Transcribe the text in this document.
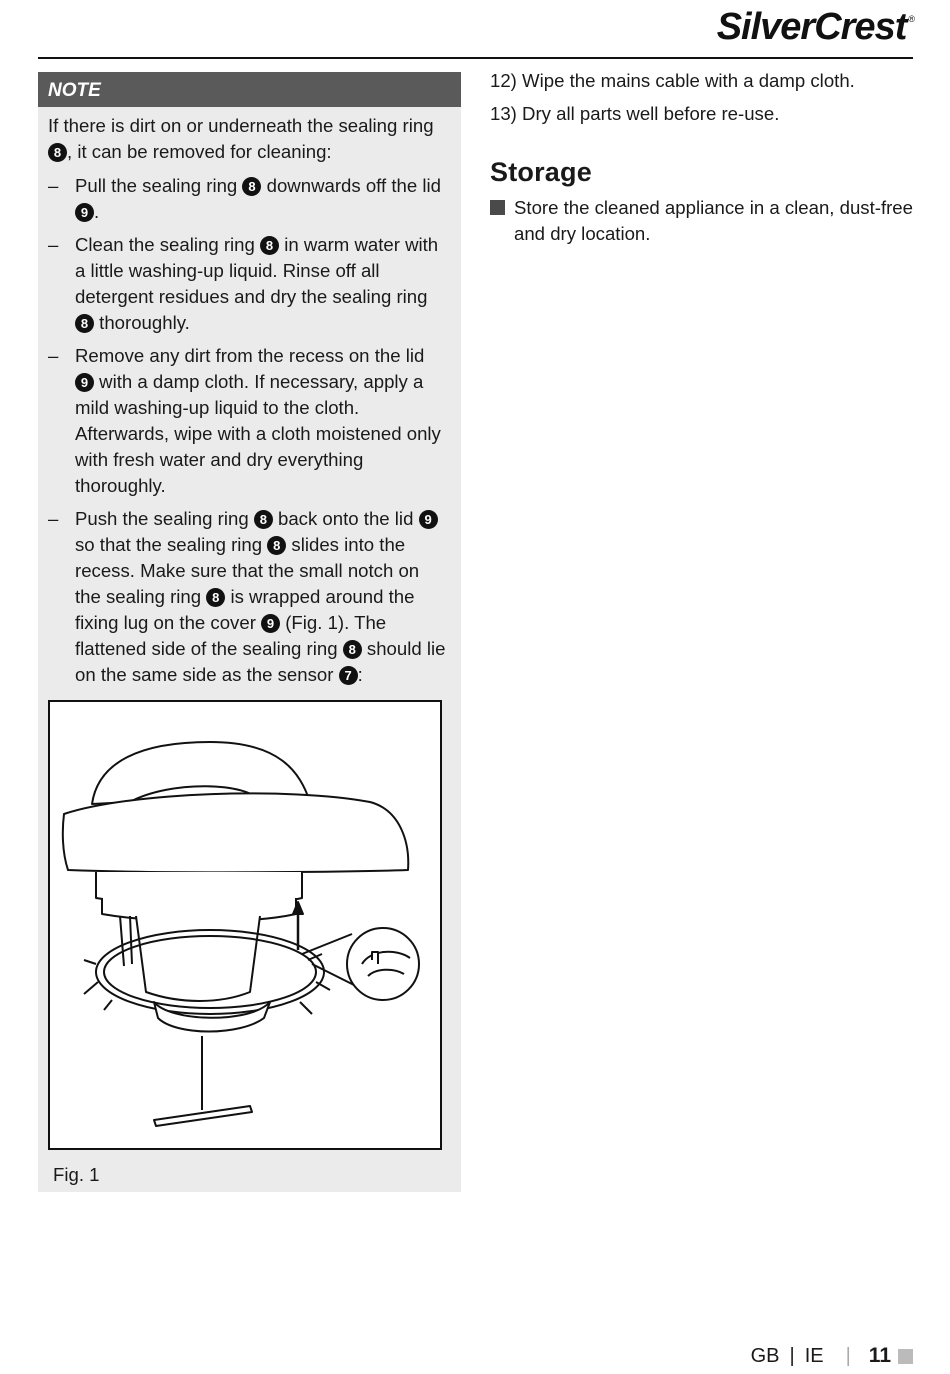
SilverCrest ®
NOTE

If there is dirt on or underneath the sealing ring 8 , it can be removed for cleaning:

– Pull the sealing ring 8 downwards off the lid 9 .
– Clean the sealing ring 8 in warm water with a little washing-up liquid. Rinse off all detergent residues and dry the sealing ring 8 thoroughly.
– Remove any dirt from the recess on the lid 9 with a damp cloth. If necessary, apply a mild washing-up liquid to the cloth. Afterwards, wipe with a cloth moistened only with fresh water and dry everything thoroughly.
– Push the sealing ring 8 back onto the lid 9 so that the sealing ring 8 slides into the recess. Make sure that the small notch on the sealing ring 8 is wrapped around the fixing lug on the cover 9 (Fig. 1). The flattened side of the sealing ring 8 should lie on the same side as the sensor 7 :
Fig. 1

12) Wipe the mains cable with a damp cloth.

13) Dry all parts well before re-use.

Storage
Store the cleaned appliance in a clean, dust-free and dry location.
GB | IE | 11
